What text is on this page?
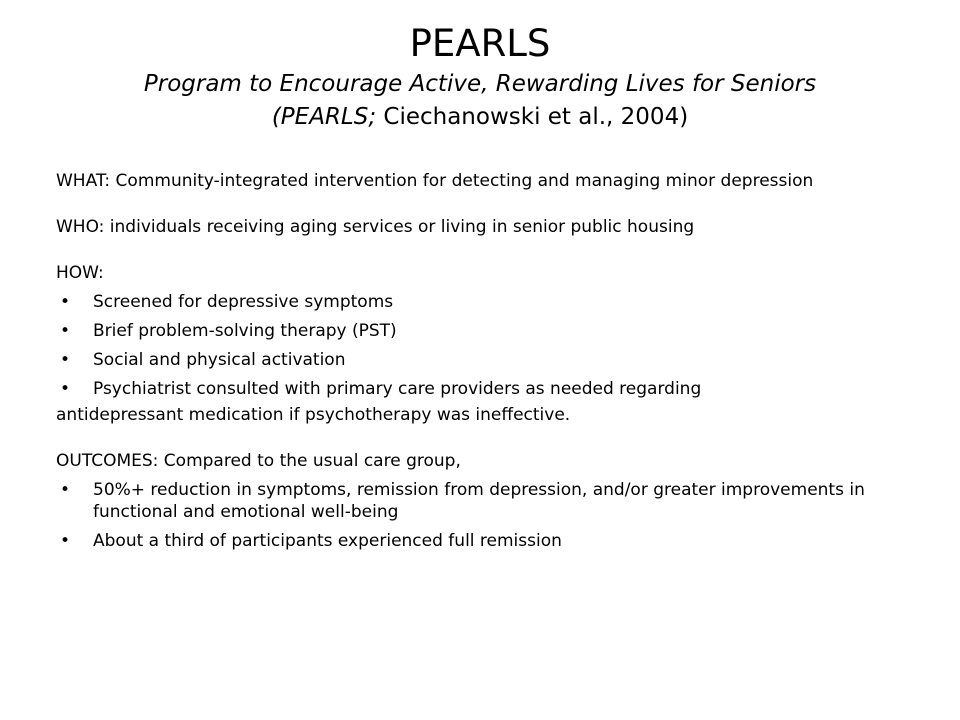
PEARLS

Program to Encourage Active, Rewarding Lives for Seniors
(PEARLS; Ciechanowski et al., 2004)

WHAT: Community-integrated intervention for detecting and managing minor depression

WHO: individuals receiving aging services or living in senior public housing

HOW:

• Screened for depressive symptoms
• Brief problem-solving therapy (PST)
• Social and physical activation
• Psychiatrist consulted with primary care providers as needed regarding

antidepressant medication if psychotherapy was ineffective.

OUTCOMES: Compared to the usual care group,

• 50%+ reduction in symptoms, remission from depression, and/or greater improvements in functional and emotional well-being
• About a third of participants experienced full remission
